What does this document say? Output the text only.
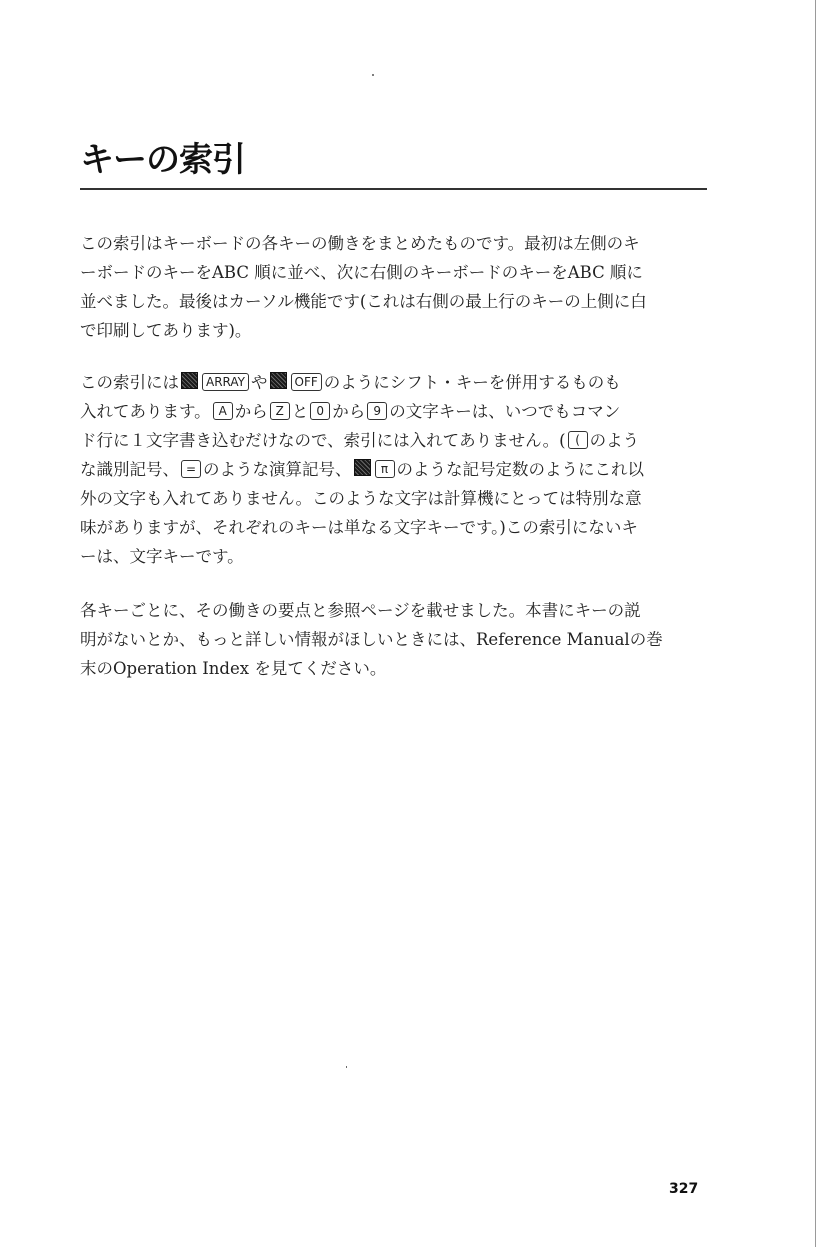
キーの索引
この索引はキーボードの各キーの働きをまとめたものです。最初は左側のキ
ーボードのキーをABC 順に並べ、次に右側のキーボードのキーをABC 順に
並べました。最後はカーソル機能です(これは右側の最上行のキーの上側に白
で印刷してあります)。
この索引には ARRAY や OFF のようにシフト・キーを併用するものも
入れてあります。 A から Z と 0 から 9 の文字キーは、いつでもコマン
ド行に１文字書き込むだけなので、索引には入れてありません。( ( のよう
な識別記号、 = のような演算記号、 π のような記号定数のようにこれ以
外の文字も入れてありません。このような文字は計算機にとっては特別な意
味がありますが、それぞれのキーは単なる文字キーです。)この索引にないキ
ーは、文字キーです。
各キーごとに、その働きの要点と参照ページを載せました。本書にキーの説
明がないとか、もっと詳しい情報がほしいときには、Reference Manualの巻
末のOperation Index を見てください。
327
